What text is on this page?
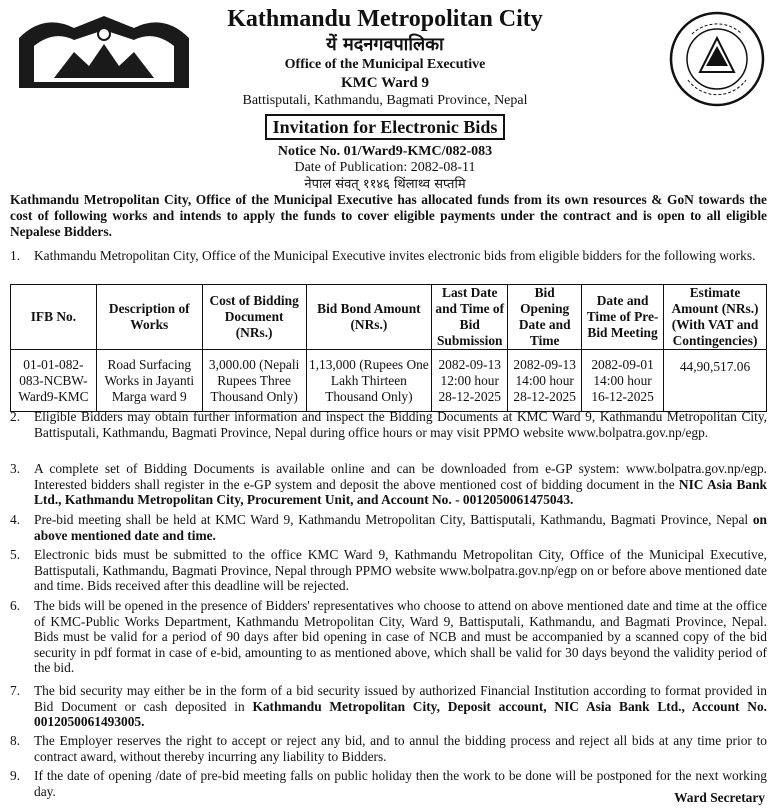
Kathmandu Metropolitan City
यें मदनगवपालिका
Office of the Municipal Executive
KMC Ward 9
Battisputali, Kathmandu, Bagmati Province, Nepal
Invitation for Electronic Bids
Notice No. 01/Ward9-KMC/082-083
Date of Publication: 2082-08-11
नेपाल संवत् ११४६ थिंलाथ्व सप्तमि
Kathmandu Metropolitan City, Office of the Municipal Executive has allocated funds from its own resources & GoN towards the cost of following works and intends to apply the funds to cover eligible payments under the contract and is open to all eligible Nepalese Bidders.
1.	Kathmandu Metropolitan City, Office of the Municipal Executive invites electronic bids from eligible bidders for the following works.
IFB No.	Description of Works	Cost of Bidding Document (NRs.)	Bid Bond Amount (NRs.)	Last Date and Time of Bid Submission	Bid Opening Date and Time	Date and Time of Pre-Bid Meeting	Estimate Amount (NRs.) (With VAT and Contingencies)
01-01-082-083-NCBW-Ward9-KMC	Road Surfacing Works in Jayanti Marga ward 9	3,000.00 (Nepali Rupees Three Thousand Only)	1,13,000 (Rupees One Lakh Thirteen Thousand Only)	2082-09-13 12:00 hour 28-12-2025	2082-09-13 14:00 hour 28-12-2025	2082-09-01 14:00 hour 16-12-2025	44,90,517.06
2.	Eligible Bidders may obtain further information and inspect the Bidding Documents at KMC Ward 9, Kathmandu Metropolitan City, Battisputali, Kathmandu, Bagmati Province, Nepal during office hours or may visit PPMO website www.bolpatra.gov.np/egp.
3.	A complete set of Bidding Documents is available online and can be downloaded from e-GP system: www.bolpatra.gov.np/egp. Interested bidders shall register in the e-GP system and deposit the above mentioned cost of bidding document in the NIC Asia Bank Ltd., Kathmandu Metropolitan City, Procurement Unit, and Account No. - 0012050061475043.
4.	Pre-bid meeting shall be held at KMC Ward 9, Kathmandu Metropolitan City, Battisputali, Kathmandu, Bagmati Province, Nepal on above mentioned date and time.
5.	Electronic bids must be submitted to the office KMC Ward 9, Kathmandu Metropolitan City, Office of the Municipal Executive, Battisputali, Kathmandu, Bagmati Province, Nepal through PPMO website www.bolpatra.gov.np/egp on or before above mentioned date and time. Bids received after this deadline will be rejected.
6.	The bids will be opened in the presence of Bidders' representatives who choose to attend on above mentioned date and time at the office of KMC-Public Works Department, Kathmandu Metropolitan City, Ward 9, Battisputali, Kathmandu, and Bagmati Province, Nepal. Bids must be valid for a period of 90 days after bid opening in case of NCB and must be accompanied by a scanned copy of the bid security in pdf format in case of e-bid, amounting to as mentioned above, which shall be valid for 30 days beyond the validity period of the bid.
7.	The bid security may either be in the form of a bid security issued by authorized Financial Institution according to format provided in Bid Document or cash deposited in Kathmandu Metropolitan City, Deposit account, NIC Asia Bank Ltd., Account No. 0012050061493005.
8.	The Employer reserves the right to accept or reject any bid, and to annul the bidding process and reject all bids at any time prior to contract award, without thereby incurring any liability to Bidders.
9.	If the date of opening /date of pre-bid meeting falls on public holiday then the work to be done will be postponed for the next working day.	Ward Secretary
